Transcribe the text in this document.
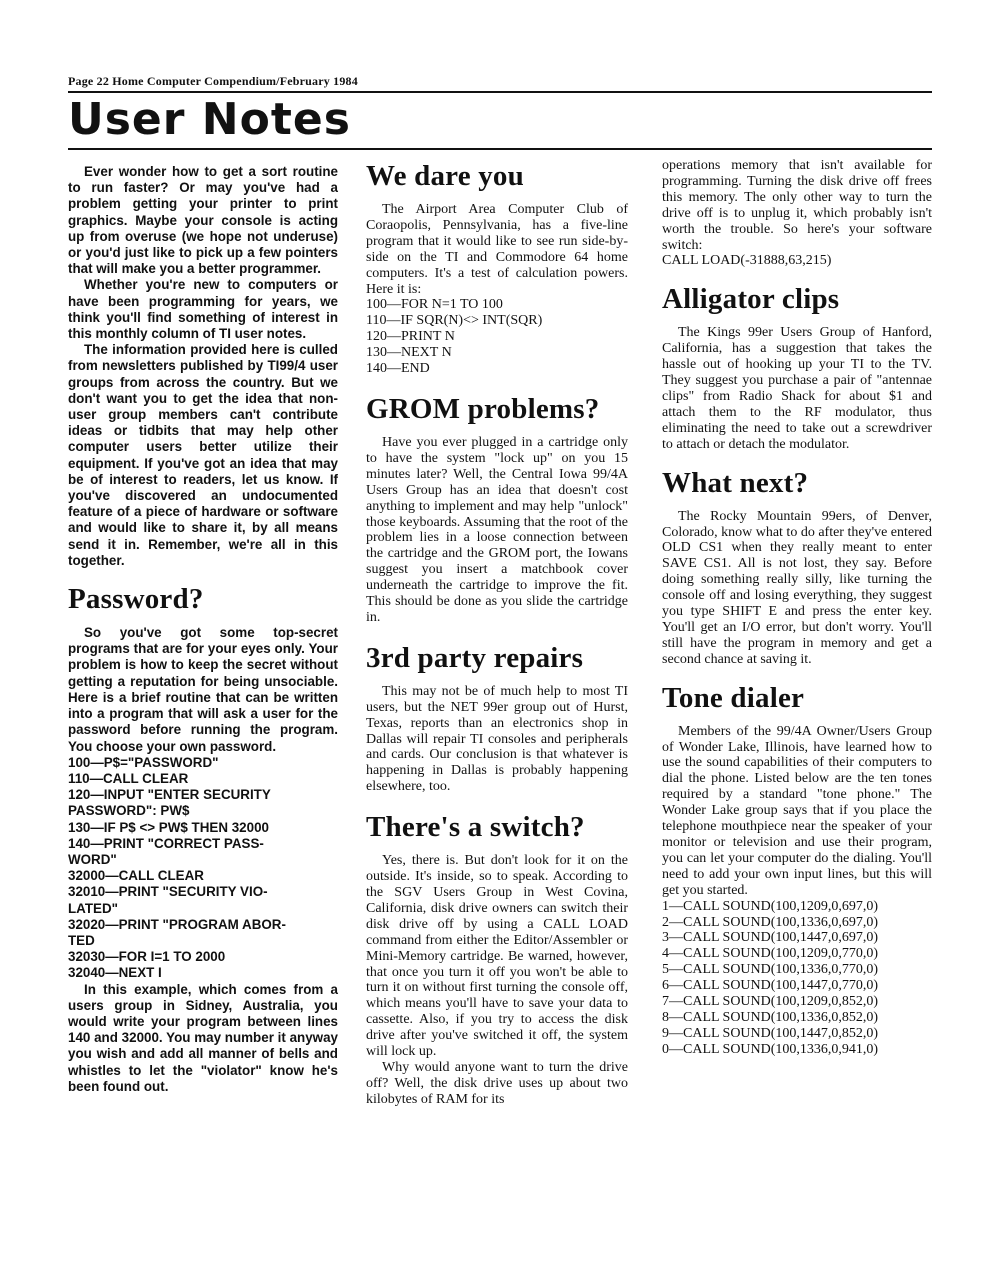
Page 22 Home Computer Compendium/February 1984
User Notes

Ever wonder how to get a sort routine to run faster? Or may you've had a problem getting your printer to print graphics. Maybe your console is acting up from overuse (we hope not underuse) or you'd just like to pick up a few pointers that will make you a better programmer.

Whether you're new to computers or have been programming for years, we think you'll find something of interest in this monthly column of TI user notes.

The information provided here is culled from newsletters published by TI99/4 user groups from across the country. But we don't want you to get the idea that non-user group members can't contribute ideas or tidbits that may help other computer users better utilize their equipment. If you've got an idea that may be of interest to readers, let us know. If you've discovered an undocumented feature of a piece of hardware or software and would like to share it, by all means send it in. Remember, we're all in this together.

Password?

So you've got some top-secret programs that are for your eyes only. Your problem is how to keep the secret without getting a reputation for being unsociable. Here is a brief routine that can be written into a program that will ask a user for the password before running the program. You choose your own password.

100—P$="PASSWORD"
110—CALL CLEAR
120—INPUT "ENTER SECURITY
PASSWORD": PW$
130—IF P$ <> PW$ THEN 32000
140—PRINT "CORRECT PASS-
WORD"
32000—CALL CLEAR
32010—PRINT "SECURITY VIO-
LATED"
32020—PRINT "PROGRAM ABOR-
TED
32030—FOR I=1 TO 2000
32040—NEXT I

In this example, which comes from a users group in Sidney, Australia, you would write your program between lines 140 and 32000. You may number it anyway you wish and add all manner of bells and whistles to let the "violator" know he's been found out.

We dare you

The Airport Area Computer Club of Coraopolis, Pennsylvania, has a five-line program that it would like to see run side-by-side on the TI and Commodore 64 home computers. It's a test of calculation powers. Here it is:

100—FOR N=1 TO 100
110—IF SQR(N)<> INT(SQR)
120—PRINT N
130—NEXT N
140—END
GROM problems?

Have you ever plugged in a cartridge only to have the system "lock up" on you 15 minutes later? Well, the Central Iowa 99/4A Users Group has an idea that doesn't cost anything to implement and may help "unlock" those keyboards. Assuming that the root of the problem lies in a loose connection between the cartridge and the GROM port, the Iowans suggest you insert a matchbook cover underneath the cartridge to improve the fit. This should be done as you slide the cartridge in.

3rd party repairs

This may not be of much help to most TI users, but the NET 99er group out of Hurst, Texas, reports than an electronics shop in Dallas will repair TI consoles and peripherals and cards. Our conclusion is that whatever is happening in Dallas is probably happening elsewhere, too.

There's a switch?

Yes, there is. But don't look for it on the outside. It's inside, so to speak. According to the SGV Users Group in West Covina, California, disk drive owners can switch their disk drive off by using a CALL LOAD command from either the Editor/Assembler or Mini-Memory cartridge. Be warned, however, that once you turn it off you won't be able to turn it on without first turning the console off, which means you'll have to save your data to cassette. Also, if you try to access the disk drive after you've switched it off, the system will lock up.

Why would anyone want to turn the drive off? Well, the disk drive uses up about two kilobytes of RAM for its

operations memory that isn't available for programming. Turning the disk drive off frees this memory. The only other way to turn the drive off is to unplug it, which probably isn't worth the trouble. So here's your software switch:

CALL LOAD(-31888,63,215)
Alligator clips

The Kings 99er Users Group of Hanford, California, has a suggestion that takes the hassle out of hooking up your TI to the TV. They suggest you purchase a pair of "antennae clips" from Radio Shack for about $1 and attach them to the RF modulator, thus eliminating the need to take out a screwdriver to attach or detach the modulator.

What next?

The Rocky Mountain 99ers, of Denver, Colorado, know what to do after they've entered OLD CS1 when they really meant to enter SAVE CS1. All is not lost, they say. Before doing something really silly, like turning the console off and losing everything, they suggest you type SHIFT E and press the enter key. You'll get an I/O error, but don't worry. You'll still have the program in memory and get a second chance at saving it.

Tone dialer

Members of the 99/4A Owner/Users Group of Wonder Lake, Illinois, have learned how to use the sound capabilities of their computers to dial the phone. Listed below are the ten tones required by a standard "tone phone." The Wonder Lake group says that if you place the telephone mouthpiece near the speaker of your monitor or television and use their program, you can let your computer do the dialing. You'll need to add your own input lines, but this will get you started.

1—CALL SOUND(100,1209,0,697,0)
2—CALL SOUND(100,1336,0,697,0)
3—CALL SOUND(100,1447,0,697,0)
4—CALL SOUND(100,1209,0,770,0)
5—CALL SOUND(100,1336,0,770,0)
6—CALL SOUND(100,1447,0,770,0)
7—CALL SOUND(100,1209,0,852,0)
8—CALL SOUND(100,1336,0,852,0)
9—CALL SOUND(100,1447,0,852,0)
0—CALL SOUND(100,1336,0,941,0)
